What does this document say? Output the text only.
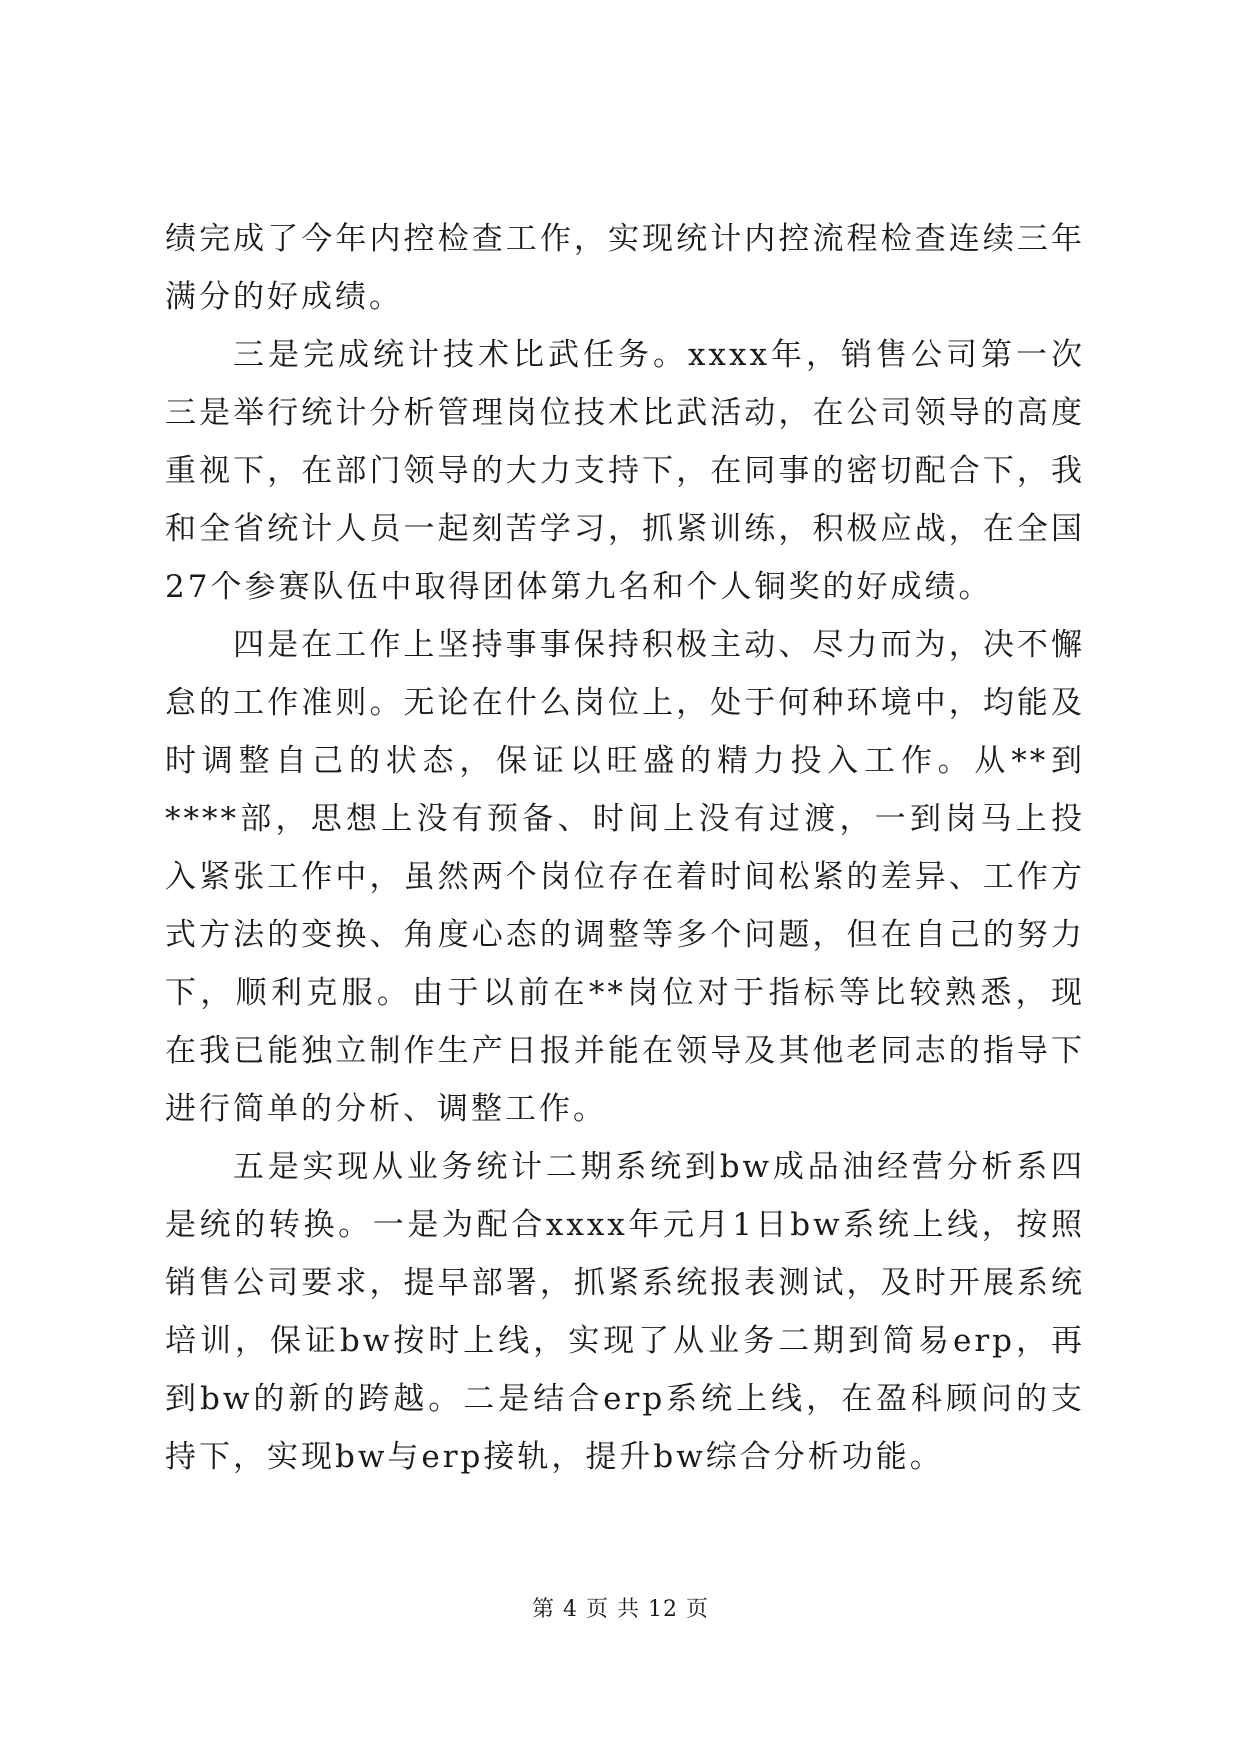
绩完成了今年内控检查工作，实现统计内控流程检查连续三年满分的好成绩。

三是完成统计技术比武任务。xxxx年，销售公司第一次三是举行统计分析管理岗位技术比武活动，在公司领导的高度重视下，在部门领导的大力支持下，在同事的密切配合下，我和全省统计人员一起刻苦学习，抓紧训练，积极应战，在全国27个参赛队伍中取得团体第九名和个人铜奖的好成绩。

四是在工作上坚持事事保持积极主动、尽力而为，决不懈怠的工作准则。无论在什么岗位上，处于何种环境中，均能及时调整自己的状态，保证以旺盛的精力投入工作。从**到****部，思想上没有预备、时间上没有过渡，一到岗马上投入紧张工作中，虽然两个岗位存在着时间松紧的差异、工作方式方法的变换、角度心态的调整等多个问题，但在自己的努力下，顺利克服。由于以前在**岗位对于指标等比较熟悉，现在我已能独立制作生产日报并能在领导及其他老同志的指导下进行简单的分析、调整工作。

五是实现从业务统计二期系统到bw成品油经营分析系四是统的转换。一是为配合xxxx年元月1日bw系统上线，按照销售公司要求，提早部署，抓紧系统报表测试，及时开展系统培训，保证bw按时上线，实现了从业务二期到简易erp，再到bw的新的跨越。二是结合erp系统上线，在盈科顾问的支持下，实现bw与erp接轨，提升bw综合分析功能。

第 4 页 共 12 页
